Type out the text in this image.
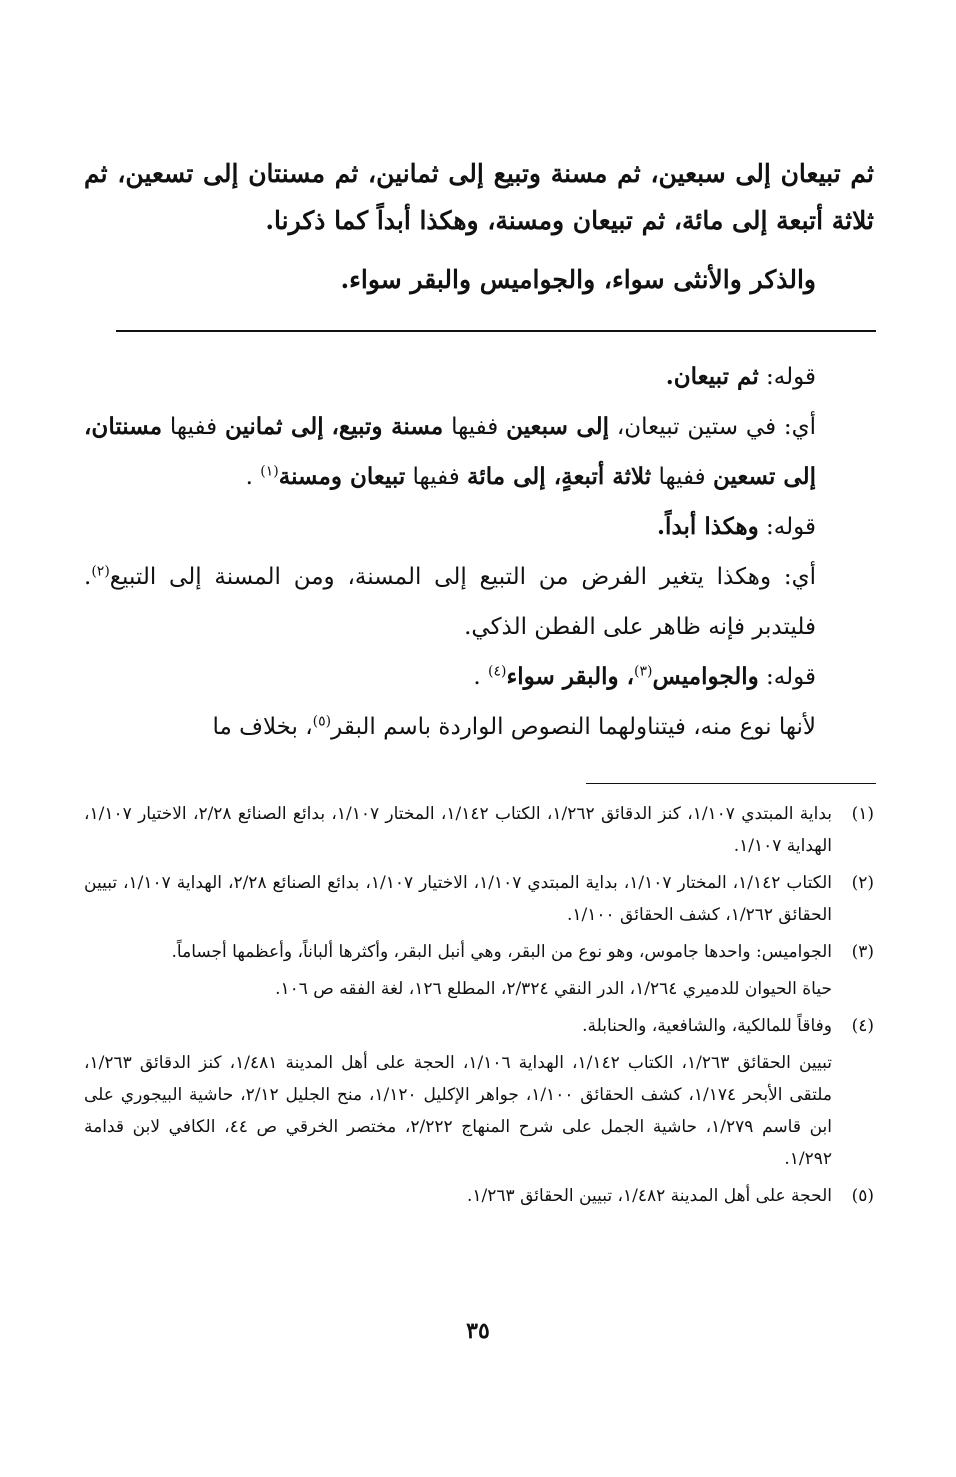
ثم تبيعان إلى سبعين، ثم مسنة وتبيع إلى ثمانين، ثم مسنتان إلى تسعين، ثم ثلاثة أتبعة إلى مائة، ثم تبيعان ومسنة، وهكذا أبداً كما ذكرنا.

والذكر والأنثى سواء، والجواميس والبقر سواء.

قوله: ثم تبيعان.

أي: في ستين تبيعان، إلى سبعين ففيها مسنة وتبيع، إلى ثمانين ففيها مسنتان، إلى تسعين ففيها ثلاثة أتبعةٍ، إلى مائة ففيها تبيعان ومسنة$^{(١)}$ .

قوله: وهكذا أبداً.

أي: وهكذا يتغير الفرض من التبيع إلى المسنة، ومن المسنة إلى التبيع$^{(٢)}$. فليتدبر فإنه ظاهر على الفطن الذكي.

قوله: والجواميس$^{(٣)}$، والبقر سواء$^{(٤)}$ .

لأنها نوع منه، فيتناولهما النصوص الواردة باسم البقر$^{(٥)}$، بخلاف ما

(١)
بداية المبتدي ١/١٠٧، كنز الدقائق ١/٢٦٢، الكتاب ١/١٤٢، المختار ١/١٠٧، بدائع الصنائع ٢/٢٨، الاختيار ١/١٠٧، الهداية ١/١٠٧.
(٢)
الكتاب ١/١٤٢، المختار ١/١٠٧، بداية المبتدي ١/١٠٧، الاختيار ١/١٠٧، بدائع الصنائع ٢/٢٨، الهداية ١/١٠٧، تبيين الحقائق ١/٢٦٢، كشف الحقائق ١/١٠٠.
(٣)
الجواميس: واحدها جاموس، وهو نوع من البقر، وهي أنبل البقر، وأكثرها ألباناً، وأعظمها أجساماً.
حياة الحيوان للدميري ١/٢٦٤، الدر النقي ٢/٣٢٤، المطلع ١٢٦، لغة الفقه ص ١٠٦.
(٤)
وفاقاً للمالكية، والشافعية، والحنابلة.
تبيين الحقائق ١/٢٦٣، الكتاب ١/١٤٢، الهداية ١/١٠٦، الحجة على أهل المدينة ١/٤٨١، كنز الدقائق ١/٢٦٣، ملتقى الأبحر ١/١٧٤، كشف الحقائق ١/١٠٠، جواهر الإكليل ١/١٢٠، منح الجليل ٢/١٢، حاشية البيجوري على ابن قاسم ١/٢٧٩، حاشية الجمل على شرح المنهاج ٢/٢٢٢، مختصر الخرقي ص ٤٤، الكافي لابن قدامة ١/٢٩٢.
(٥)
الحجة على أهل المدينة ١/٤٨٢، تبيين الحقائق ١/٢٦٣.
٣٥
